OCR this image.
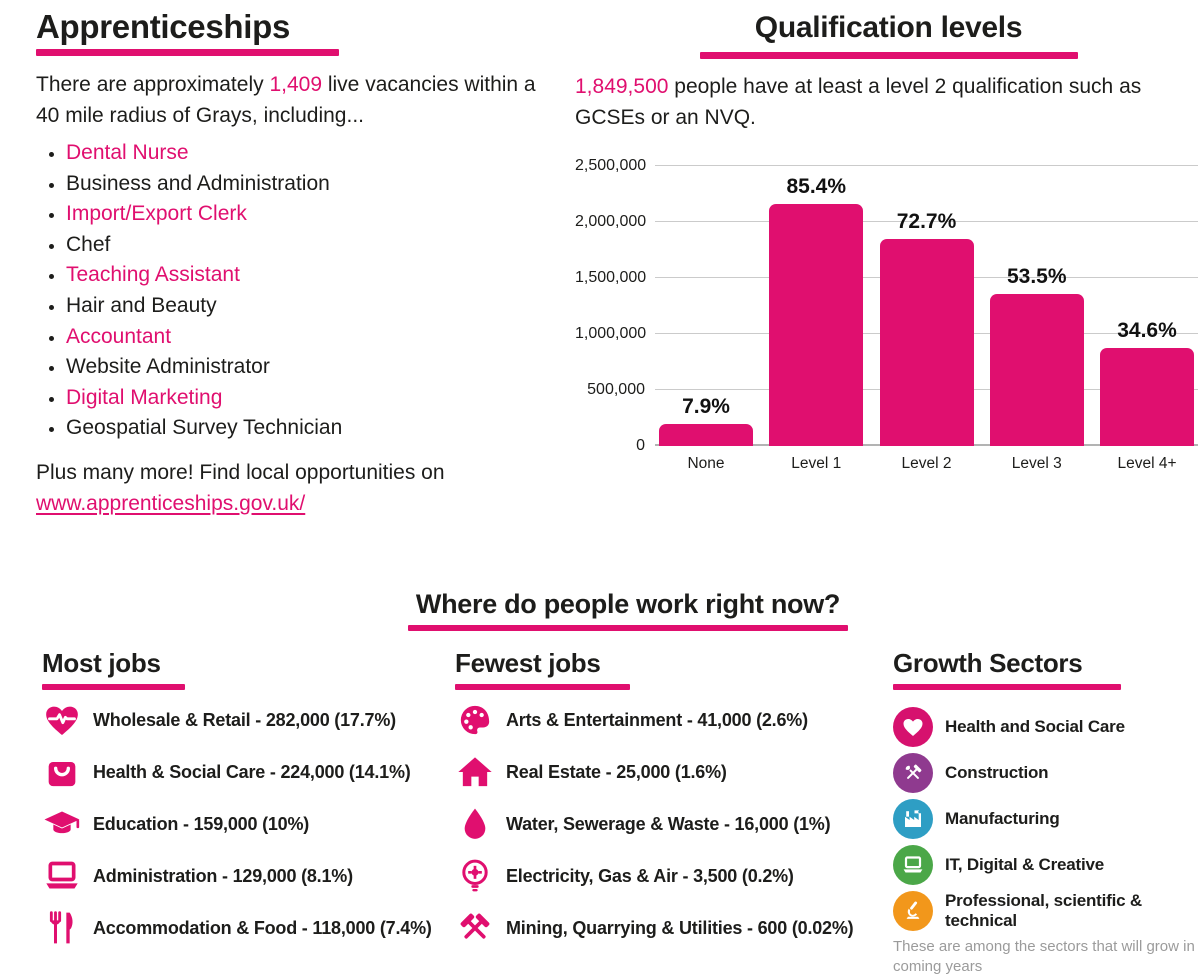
Apprenticeships

There are approximately 1,409 live vacancies within a 40 mile radius of Grays, including...

• Dental Nurse
• Business and Administration
• Import/Export Clerk
• Chef
• Teaching Assistant
• Hair and Beauty
• Accountant
• Website Administrator
• Digital Marketing
• Geospatial Survey Technician

Plus many more! Find local opportunities on
www.apprenticeships.gov.uk/

Qualification levels

1,849,500 people have at least a level 2 qualification such as
GCSEs or an NVQ.

0
500,000
1,000,000
1,500,000
2,000,000
2,500,000
7.9%
85.4%
72.7%
53.5%
34.6%
None	Level 1	Level 2	Level 3	Level 4+
Where do people work right now?
Most jobs
Wholesale & Retail - 282,000 (17.7%)
Health & Social Care - 224,000 (14.1%)
Education - 159,000 (10%)
Administration - 129,000 (8.1%)
Accommodation & Food - 118,000 (7.4%)
Fewest jobs
Arts & Entertainment - 41,000 (2.6%)
Real Estate - 25,000 (1.6%)
Water, Sewerage & Waste - 16,000 (1%)
Electricity, Gas & Air - 3,500 (0.2%)
Mining, Quarrying & Utilities - 600 (0.02%)
Growth Sectors
Health and Social Care
Construction
Manufacturing
IT, Digital & Creative
Professional, scientific & technical
These are among the sectors that will grow in coming years
